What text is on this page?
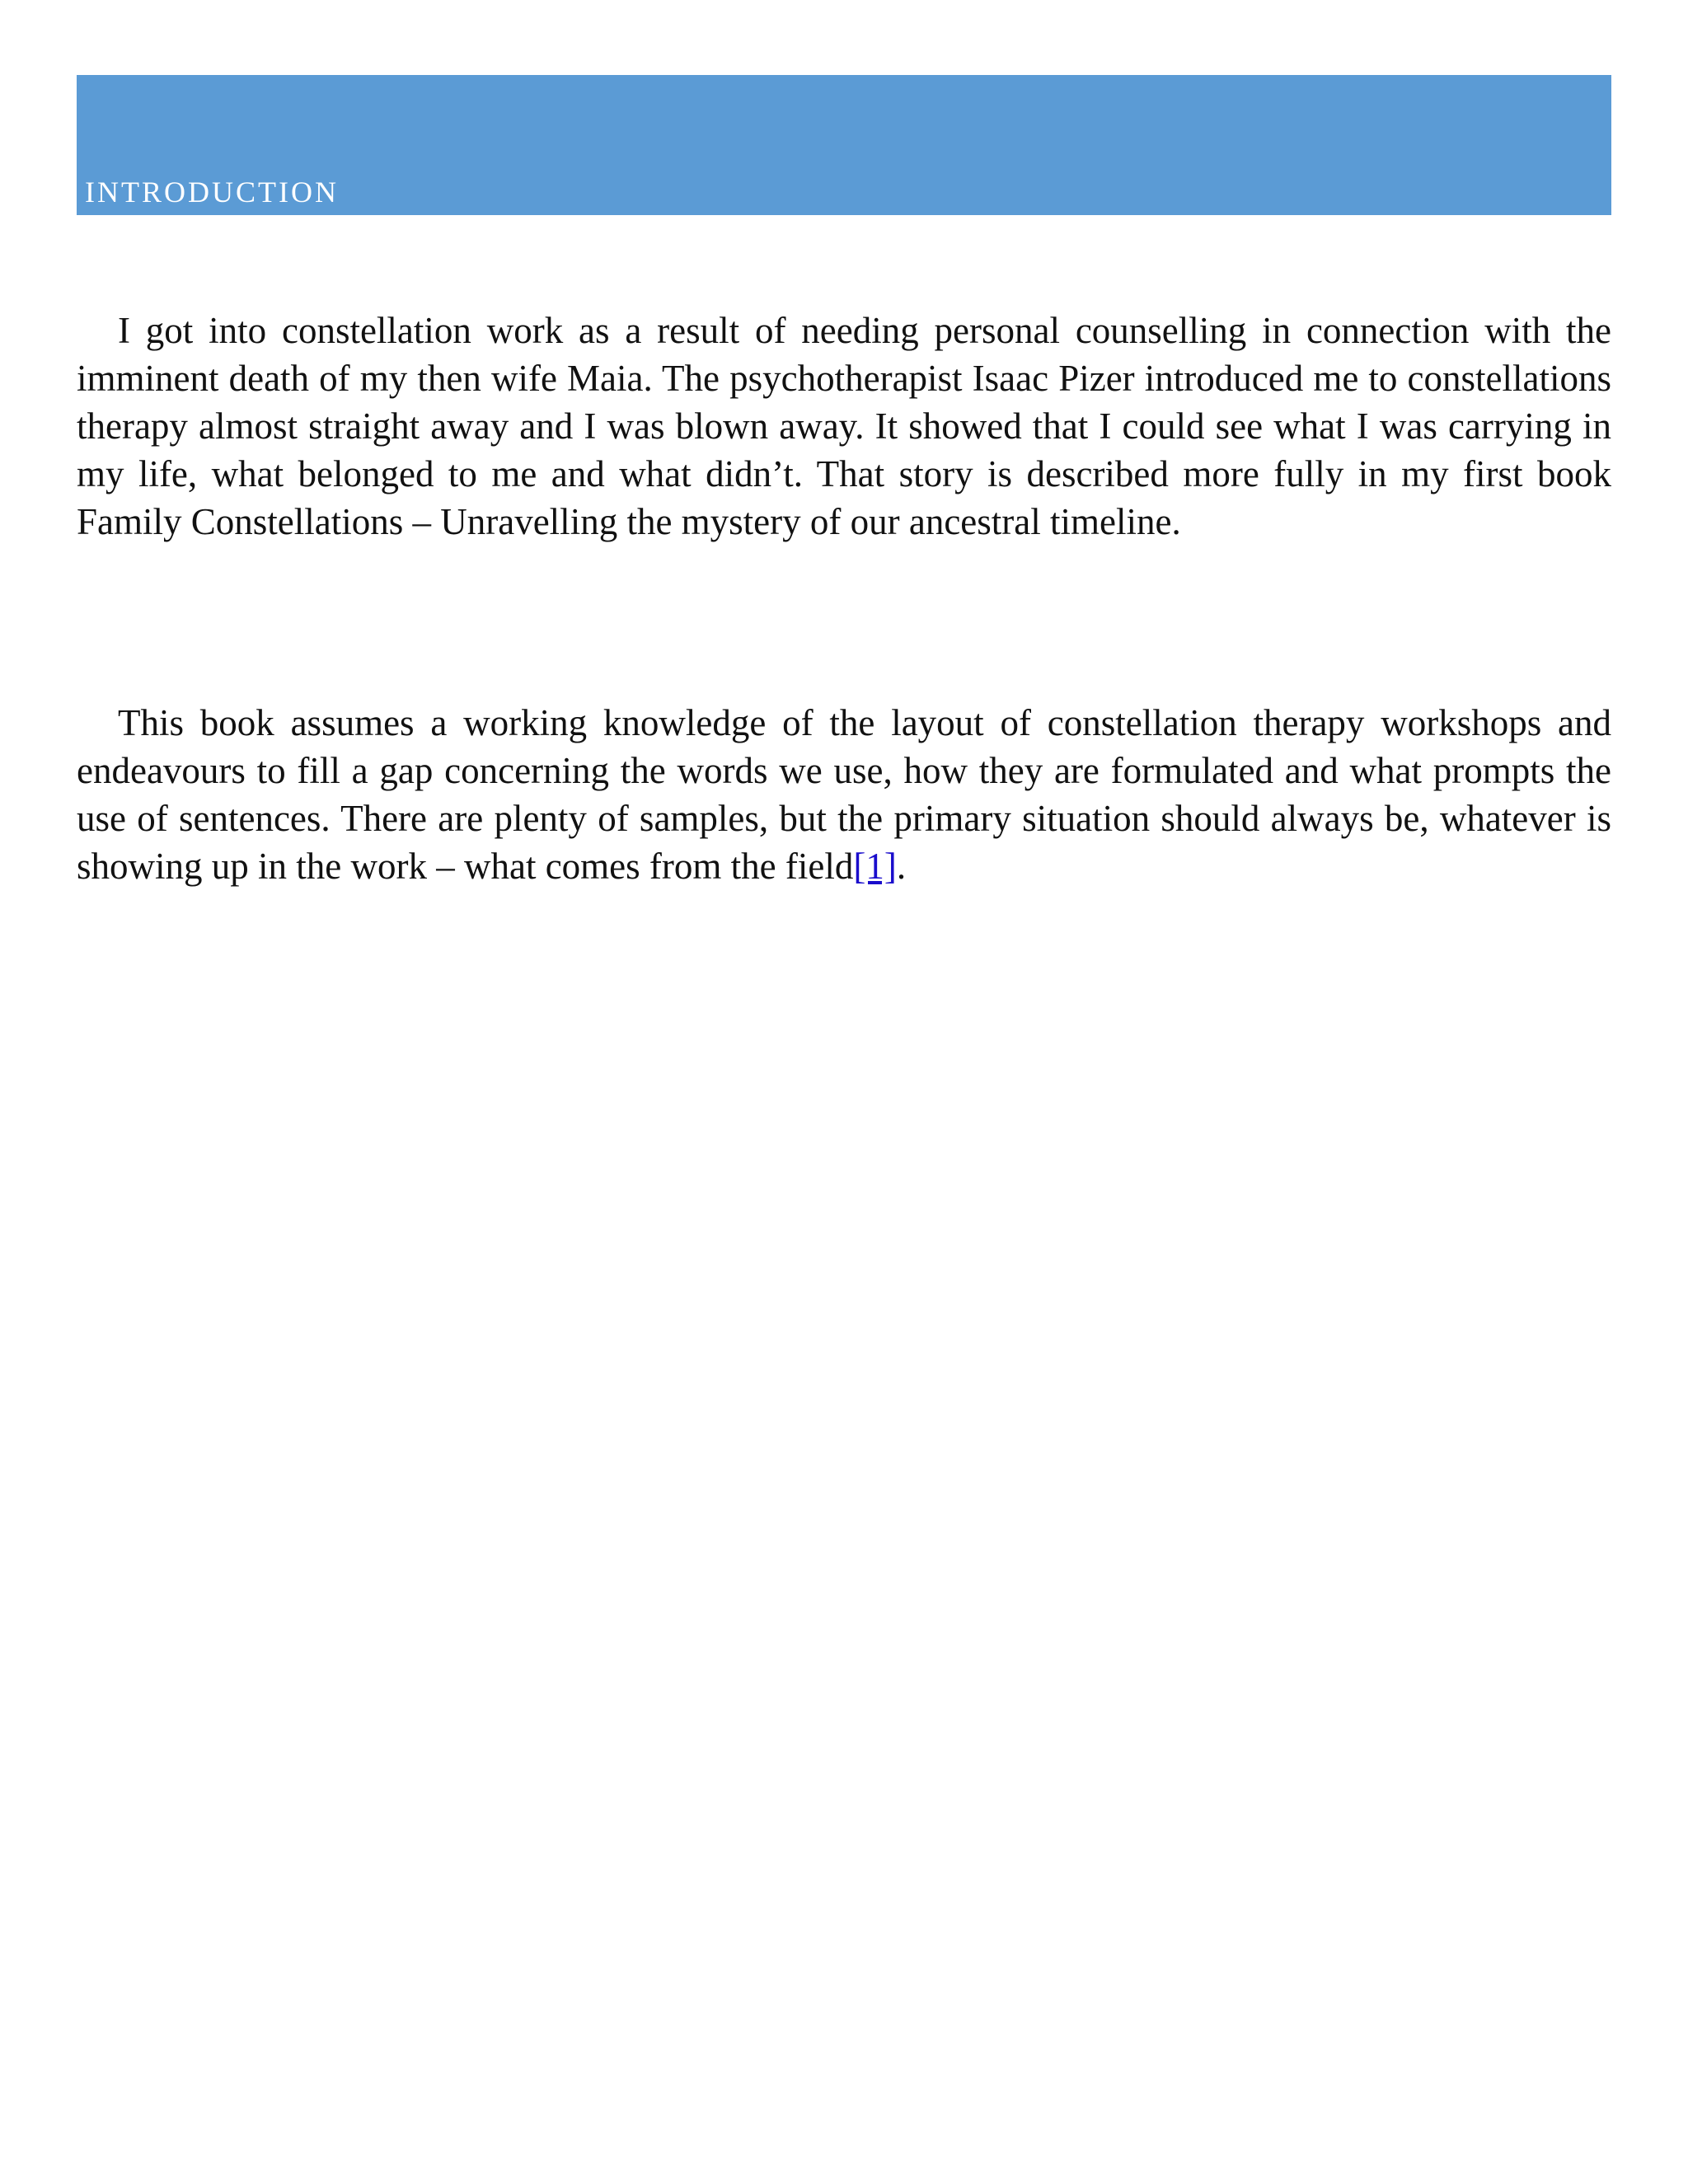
INTRODUCTION

I got into constellation work as a result of needing personal counselling in connection with the imminent death of my then wife Maia. The psychotherapist Isaac Pizer introduced me to constellations therapy almost straight away and I was blown away. It showed that I could see what I was carrying in my life, what belonged to me and what didn’t. That story is described more fully in my first book Family Constellations – Unravelling the mystery of our ancestral timeline.

This book assumes a working knowledge of the layout of constellation therapy workshops and endeavours to fill a gap concerning the words we use, how they are formulated and what prompts the use of sentences. There are plenty of samples, but the primary situation should always be, whatever is showing up in the work – what comes from the field[1].
